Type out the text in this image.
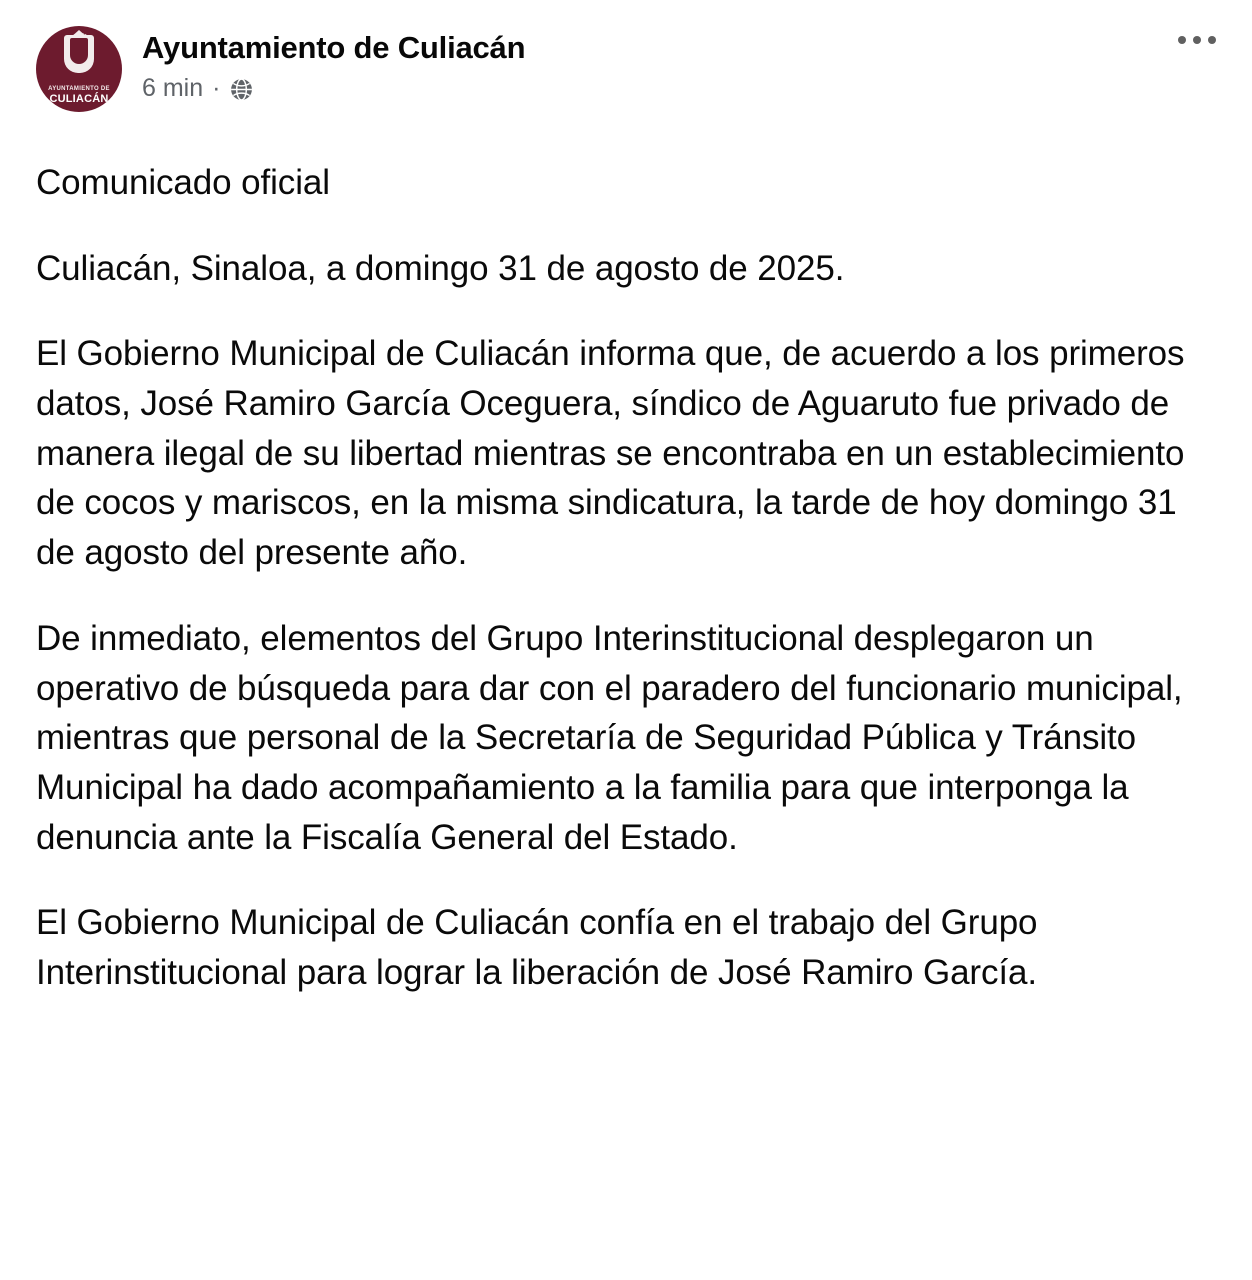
AYUNTAMIENTO DE
CULIACÁN
Ayuntamiento de Culiacán
6 min ·

Comunicado oficial

Culiacán, Sinaloa, a domingo 31 de agosto de 2025.

El Gobierno Municipal de Culiacán informa que, de acuerdo a los primeros datos, José Ramiro García Oceguera, síndico de Aguaruto fue privado de manera ilegal de su libertad mientras se encontraba en un establecimiento de cocos y mariscos, en la misma sindicatura, la tarde de hoy domingo 31 de agosto del presente año.

De inmediato, elementos del Grupo Interinstitucional desplegaron un operativo de búsqueda para dar con el paradero del funcionario municipal, mientras que personal de la Secretaría de Seguridad Pública y Tránsito Municipal ha dado acompañamiento a la familia para que interponga la denuncia ante la Fiscalía General del Estado.

El Gobierno Municipal de Culiacán confía en el trabajo del Grupo Interinstitucional para lograr la liberación de José Ramiro García.
